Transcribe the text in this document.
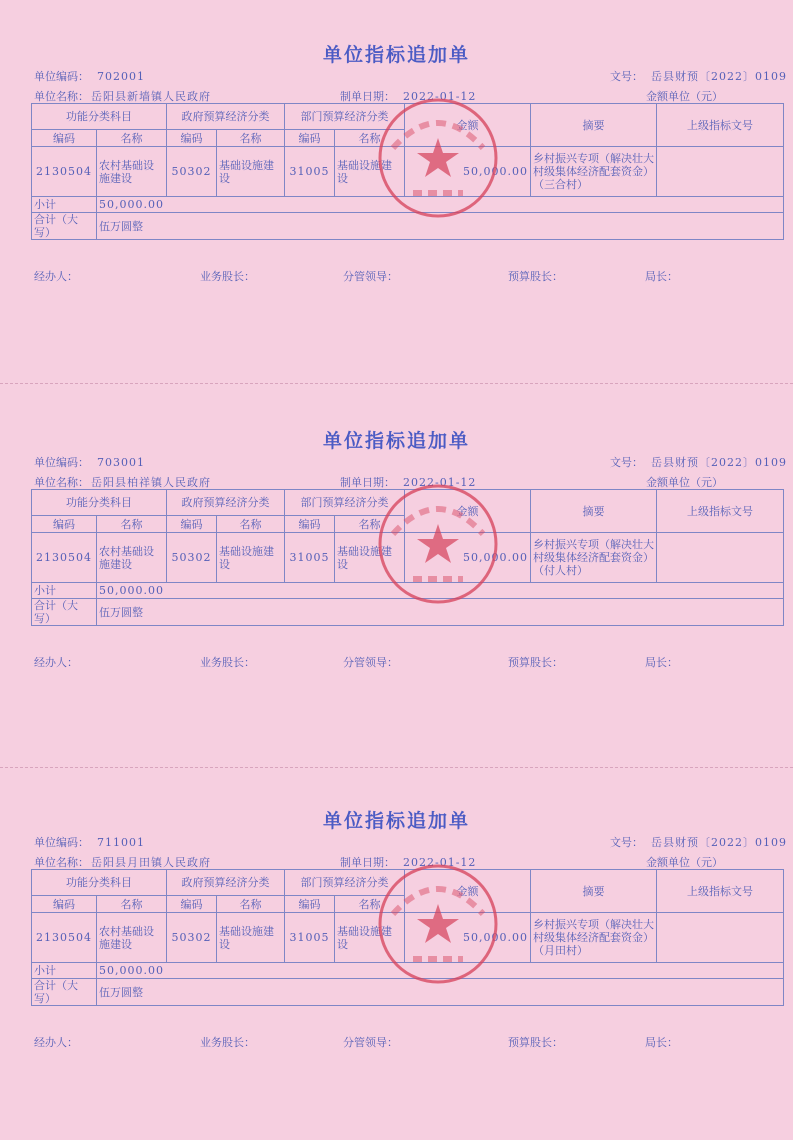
单位指标追加单
单位编码： 702001	文号： 岳县财预〔2022〕0109
单位名称： 岳阳县新墙镇人民政府	制单日期： 2022-01-12	金额单位（元）
功能分类科目		政府预算经济分类		部门预算经济分类		金额	摘要	上级指标文号
编码	名称	编码	名称	编码	名称			
2130504	农村基础设施建设	50302	基础设施建设	31005	基础设施建设	50,000.00	乡村振兴专项（解决壮大村级集体经济配套资金）（三合村）	
小计	50,000.00							
合计（大写）	伍万圆整							
经办人：	业务股长：	分管领导：	预算股长：	局长：
单位指标追加单
单位编码： 703001	文号： 岳县财预〔2022〕0109
单位名称： 岳阳县柏祥镇人民政府	制单日期： 2022-01-12	金额单位（元）
功能分类科目		政府预算经济分类		部门预算经济分类		金额	摘要	上级指标文号
编码	名称	编码	名称	编码	名称			
2130504	农村基础设施建设	50302	基础设施建设	31005	基础设施建设	50,000.00	乡村振兴专项（解决壮大村级集体经济配套资金）（付人村）	
小计	50,000.00							
合计（大写）	伍万圆整							
经办人：	业务股长：	分管领导：	预算股长：	局长：
单位指标追加单
单位编码： 711001	文号： 岳县财预〔2022〕0109
单位名称： 岳阳县月田镇人民政府	制单日期： 2022-01-12	金额单位（元）
功能分类科目		政府预算经济分类		部门预算经济分类		金额	摘要	上级指标文号
编码	名称	编码	名称	编码	名称			
2130504	农村基础设施建设	50302	基础设施建设	31005	基础设施建设	50,000.00	乡村振兴专项（解决壮大村级集体经济配套资金）（月田村）	
小计	50,000.00							
合计（大写）	伍万圆整							
经办人：	业务股长：	分管领导：	预算股长：	局长：
